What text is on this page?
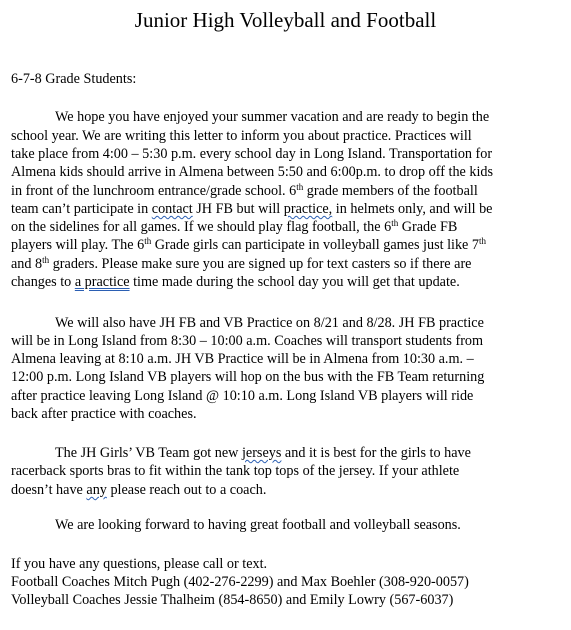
Junior High Volleyball and Football
6-7-8 Grade Students:
We hope you have enjoyed your summer vacation and are ready to begin the
school year. We are writing this letter to inform you about practice. Practices will
take place from 4:00 – 5:30 p.m. every school day in Long Island. Transportation for
Almena kids should arrive in Almena between 5:50 and 6:00p.m. to drop off the kids
in front of the lunchroom entrance/grade school. 6th grade members of the football
team can’t participate in contact JH FB but will practice, in helmets only, and will be
on the sidelines for all games. If we should play flag football, the 6th Grade FB
players will play. The 6th Grade girls can participate in volleyball games just like 7th
and 8th graders. Please make sure you are signed up for text casters so if there are
changes to a practice time made during the school day you will get that update.
We will also have JH FB and VB Practice on 8/21 and 8/28. JH FB practice
will be in Long Island from 8:30 – 10:00 a.m. Coaches will transport students from
Almena leaving at 8:10 a.m. JH VB Practice will be in Almena from 10:30 a.m. –
12:00 p.m. Long Island VB players will hop on the bus with the FB Team returning
after practice leaving Long Island @ 10:10 a.m. Long Island VB players will ride
back after practice with coaches.
The JH Girls’ VB Team got new jerseys and it is best for the girls to have
racerback sports bras to fit within the tank top tops of the jersey. If your athlete
doesn’t have any please reach out to a coach.
We are looking forward to having great football and volleyball seasons.
If you have any questions, please call or text.
Football Coaches Mitch Pugh (402-276-2299) and Max Boehler (308-920-0057)
Volleyball Coaches Jessie Thalheim (854-8650) and Emily Lowry (567-6037)
